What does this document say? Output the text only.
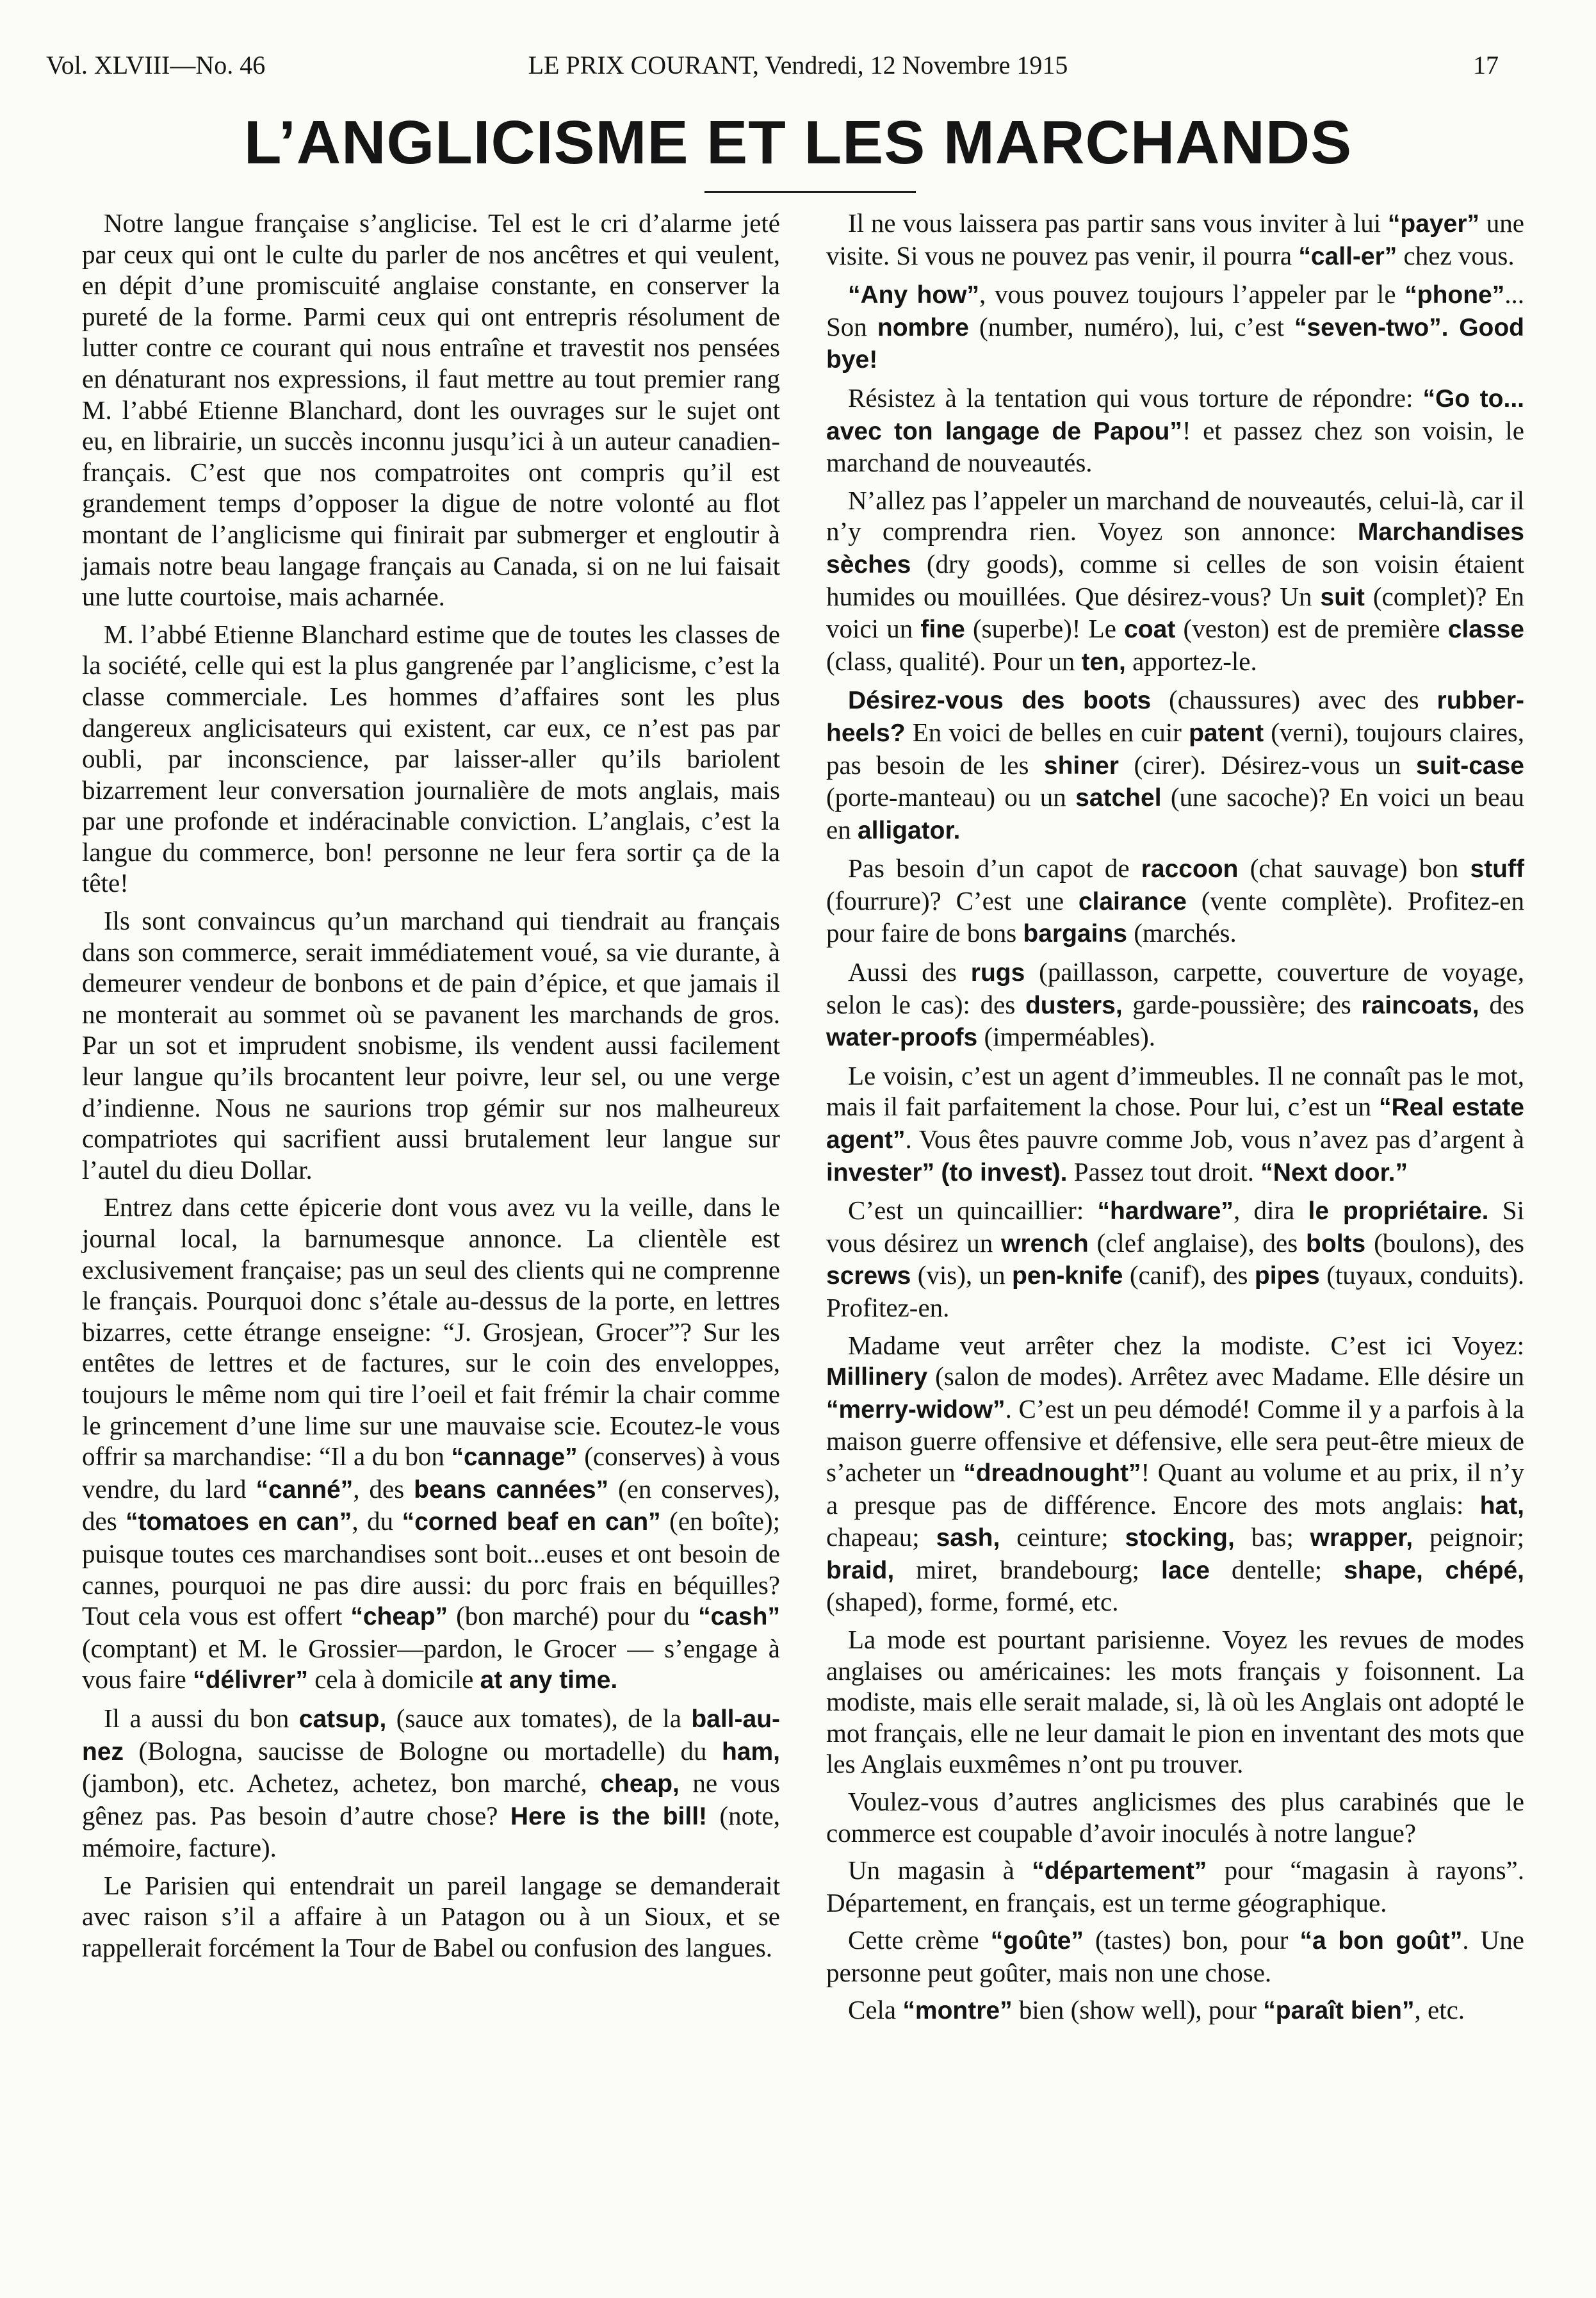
Vol. XLVIII—No. 46	LE PRIX COURANT, Vendredi, 12 Novembre 1915	17
L’ANGLICISME ET LES MARCHANDS

Notre langue française s’anglicise. Tel est le cri d’alarme jeté par ceux qui ont le culte du parler de nos ancêtres et qui veulent, en dépit d’une promiscuité anglaise constante, en conserver la pureté de la forme. Parmi ceux qui ont entrepris résolument de lutter contre ce courant qui nous entraîne et travestit nos pensées en dénaturant nos expressions, il faut mettre au tout premier rang M. l’abbé Etienne Blanchard, dont les ouvrages sur le sujet ont eu, en librairie, un succès inconnu jusqu’ici à un auteur canadien-français. C’est que nos compatroites ont compris qu’il est grandement temps d’opposer la digue de notre volonté au flot montant de l’anglicisme qui finirait par submerger et engloutir à jamais notre beau langage français au Canada, si on ne lui faisait une lutte courtoise, mais acharnée.

M. l’abbé Etienne Blanchard estime que de toutes les classes de la société, celle qui est la plus gangrenée par l’anglicisme, c’est la classe commerciale. Les hommes d’affaires sont les plus dangereux anglicisateurs qui existent, car eux, ce n’est pas par oubli, par inconscience, par laisser-aller qu’ils bariolent bizarrement leur conversation journalière de mots anglais, mais par une profonde et indéracinable conviction. L’anglais, c’est la langue du commerce, bon! personne ne leur fera sortir ça de la tête!

Ils sont convaincus qu’un marchand qui tiendrait au français dans son commerce, serait immédiatement voué, sa vie durante, à demeurer vendeur de bonbons et de pain d’épice, et que jamais il ne monterait au sommet où se pavanent les marchands de gros. Par un sot et imprudent snobisme, ils vendent aussi facilement leur langue qu’ils brocantent leur poivre, leur sel, ou une verge d’indienne. Nous ne saurions trop gémir sur nos malheureux compatriotes qui sacrifient aussi brutalement leur langue sur l’autel du dieu Dollar.

Entrez dans cette épicerie dont vous avez vu la veille, dans le journal local, la barnumesque annonce. La clientèle est exclusivement française; pas un seul des clients qui ne comprenne le français. Pourquoi donc s’étale au-dessus de la porte, en lettres bizarres, cette étrange enseigne: “J. Grosjean, Grocer”? Sur les entêtes de lettres et de factures, sur le coin des enveloppes, toujours le même nom qui tire l’oeil et fait frémir la chair comme le grincement d’une lime sur une mauvaise scie. Ecoutez-le vous offrir sa marchandise: “Il a du bon “cannage” (conserves) à vous vendre, du lard “canné”, des beans cannées” (en conserves), des “tomatoes en can”, du “corned beaf en can” (en boîte); puisque toutes ces marchandises sont boit...euses et ont besoin de cannes, pourquoi ne pas dire aussi: du porc frais en béquilles? Tout cela vous est offert “cheap” (bon marché) pour du “cash” (comptant) et M. le Grossier—pardon, le Grocer — s’engage à vous faire “délivrer” cela à domicile at any time.

Il a aussi du bon catsup, (sauce aux tomates), de la ball-au-nez (Bologna, saucisse de Bologne ou mortadelle) du ham, (jambon), etc. Achetez, achetez, bon marché, cheap, ne vous gênez pas. Pas besoin d’autre chose? Here is the bill! (note, mémoire, facture).

Le Parisien qui entendrait un pareil langage se demanderait avec raison s’il a affaire à un Patagon ou à un Sioux, et se rappellerait forcément la Tour de Babel ou confusion des langues.

Il ne vous laissera pas partir sans vous inviter à lui “payer” une visite. Si vous ne pouvez pas venir, il pourra “call-er” chez vous.

“Any how”, vous pouvez toujours l’appeler par le “phone”... Son nombre (number, numéro), lui, c’est “seven-two”. Good bye!

Résistez à la tentation qui vous torture de répondre: “Go to... avec ton langage de Papou”! et passez chez son voisin, le marchand de nouveautés.

N’allez pas l’appeler un marchand de nouveautés, celui-là, car il n’y comprendra rien. Voyez son annonce: Marchandises sèches (dry goods), comme si celles de son voisin étaient humides ou mouillées. Que désirez-vous? Un suit (complet)? En voici un fine (superbe)! Le coat (veston) est de première classe (class, qualité). Pour un ten, apportez-le.

Désirez-vous des boots (chaussures) avec des rubber-heels? En voici de belles en cuir patent (verni), toujours claires, pas besoin de les shiner (cirer). Désirez-vous un suit-case (porte-manteau) ou un satchel (une sacoche)? En voici un beau en alligator.

Pas besoin d’un capot de raccoon (chat sauvage) bon stuff (fourrure)? C’est une clairance (vente complète). Profitez-en pour faire de bons bargains (marchés.

Aussi des rugs (paillasson, carpette, couverture de voyage, selon le cas): des dusters, garde-poussière; des raincoats, des water-proofs (imperméables).

Le voisin, c’est un agent d’immeubles. Il ne connaît pas le mot, mais il fait parfaitement la chose. Pour lui, c’est un “Real estate agent”. Vous êtes pauvre comme Job, vous n’avez pas d’argent à invester” (to invest). Passez tout droit. “Next door.”

C’est un quincaillier: “hardware”, dira le propriétaire. Si vous désirez un wrench (clef anglaise), des bolts (boulons), des screws (vis), un pen-knife (canif), des pipes (tuyaux, conduits). Profitez-en.

Madame veut arrêter chez la modiste. C’est ici Voyez: Millinery (salon de modes). Arrêtez avec Madame. Elle désire un “merry-widow”. C’est un peu démodé! Comme il y a parfois à la maison guerre offensive et défensive, elle sera peut-être mieux de s’acheter un “dreadnought”! Quant au volume et au prix, il n’y a presque pas de différence. Encore des mots anglais: hat, chapeau; sash, ceinture; stocking, bas; wrapper, peignoir; braid, miret, brandebourg; lace dentelle; shape, chépé, (shaped), forme, formé, etc.

La mode est pourtant parisienne. Voyez les revues de modes anglaises ou américaines: les mots français y foisonnent. La modiste, mais elle serait malade, si, là où les Anglais ont adopté le mot français, elle ne leur damait le pion en inventant des mots que les Anglais euxmêmes n’ont pu trouver.

Voulez-vous d’autres anglicismes des plus carabinés que le commerce est coupable d’avoir inoculés à notre langue?

Un magasin à “département” pour “magasin à rayons”. Département, en français, est un terme géographique.

Cette crème “goûte” (tastes) bon, pour “a bon goût”. Une personne peut goûter, mais non une chose.

Cela “montre” bien (show well), pour “paraît bien”, etc.
